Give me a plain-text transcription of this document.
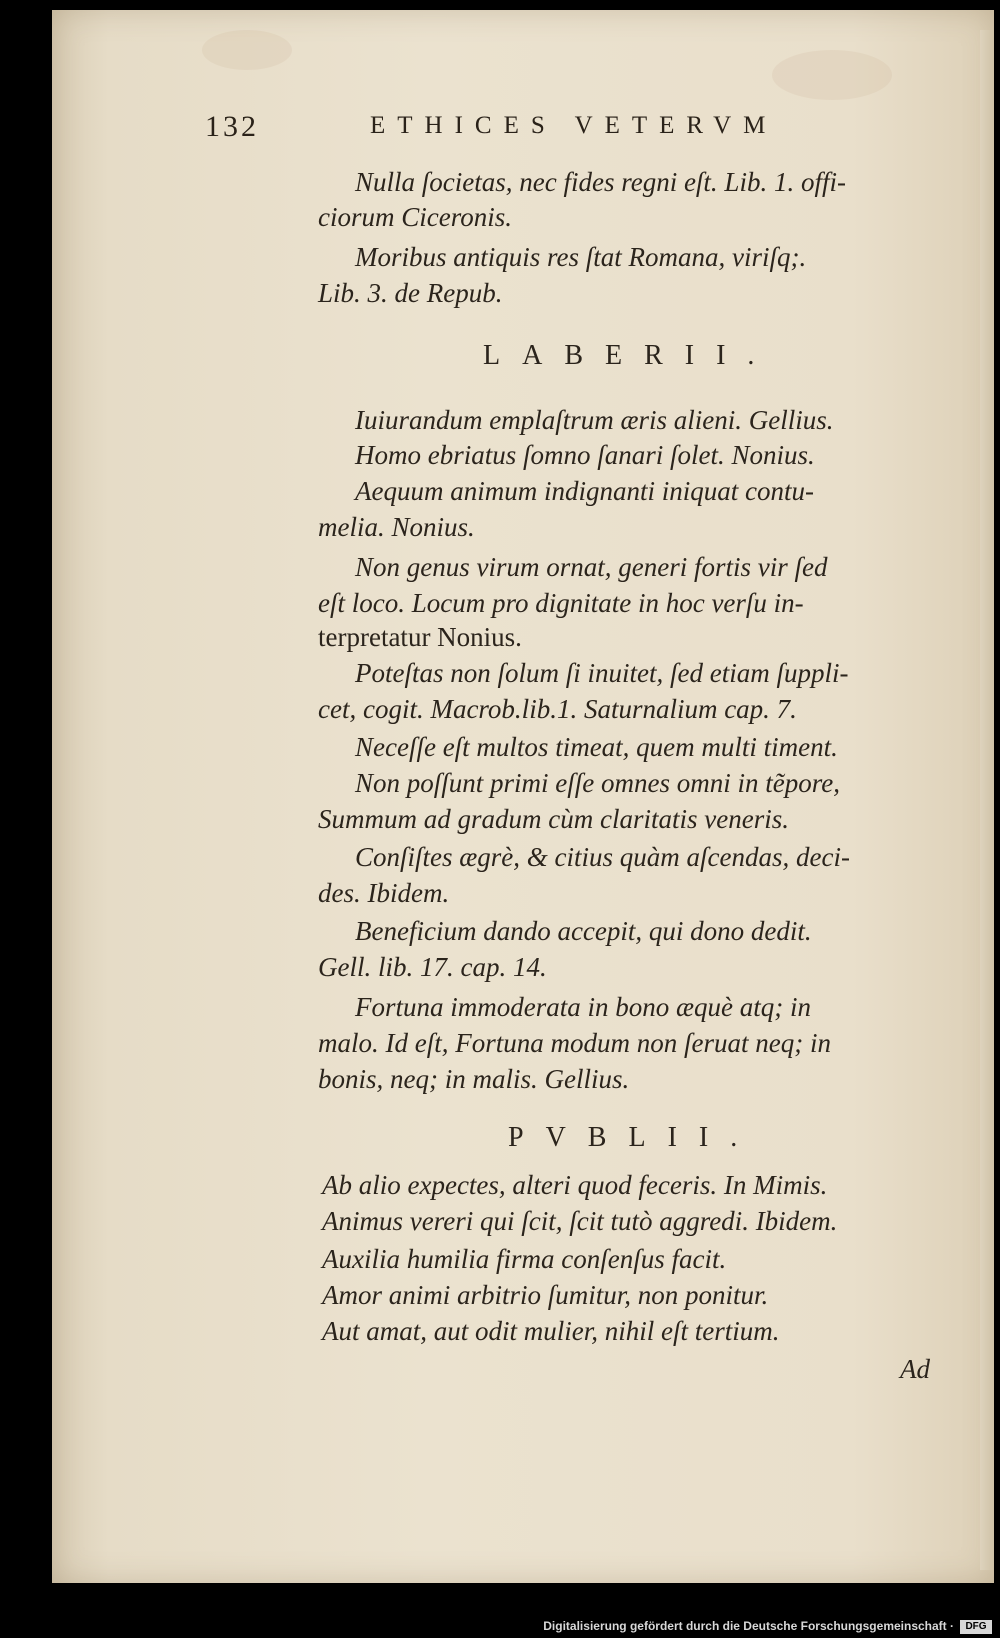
132	ETHICES VETERVM

Nulla ſocietas, nec fides regni eſt. Lib. 1. offi-

ciorum Ciceronis.

Moribus antiquis res ſtat Romana, viriſq;.

Lib. 3. de Repub.

LABERII.

Iuiurandum emplaſtrum æris alieni. Gellius.

Homo ebriatus ſomno ſanari ſolet. Nonius.

Aequum animum indignanti iniquat contu-

melia. Nonius.

Non genus virum ornat, generi fortis vir ſed

eſt loco. Locum pro dignitate in hoc verſu in-

terpretatur Nonius.

Poteſtas non ſolum ſi inuitet, ſed etiam ſuppli-

cet, cogit. Macrob.lib.1. Saturnalium cap. 7.

Neceſſe eſt multos timeat, quem multi timent.

Non poſſunt primi eſſe omnes omni in tẽpore,

Summum ad gradum cùm claritatis veneris.

Conſiſtes ægrè, & citius quàm aſcendas, deci-

des. Ibidem.

Beneficium dando accepit, qui dono dedit.

Gell. lib. 17. cap. 14.

Fortuna immoderata in bono æquè atq; in

malo. Id eſt, Fortuna modum non ſeruat neq; in

bonis, neq; in malis. Gellius.

PVBLII.

Ab alio expectes, alteri quod feceris. In Mimis.

Animus vereri qui ſcit, ſcit tutò aggredi. Ibidem.

Auxilia humilia firma conſenſus facit.

Amor animi arbitrio ſumitur, non ponitur.

Aut amat, aut odit mulier, nihil eſt tertium.

Ad

Digitalisierung gefördert durch die Deutsche Forschungsgemeinschaft ·	DFG
